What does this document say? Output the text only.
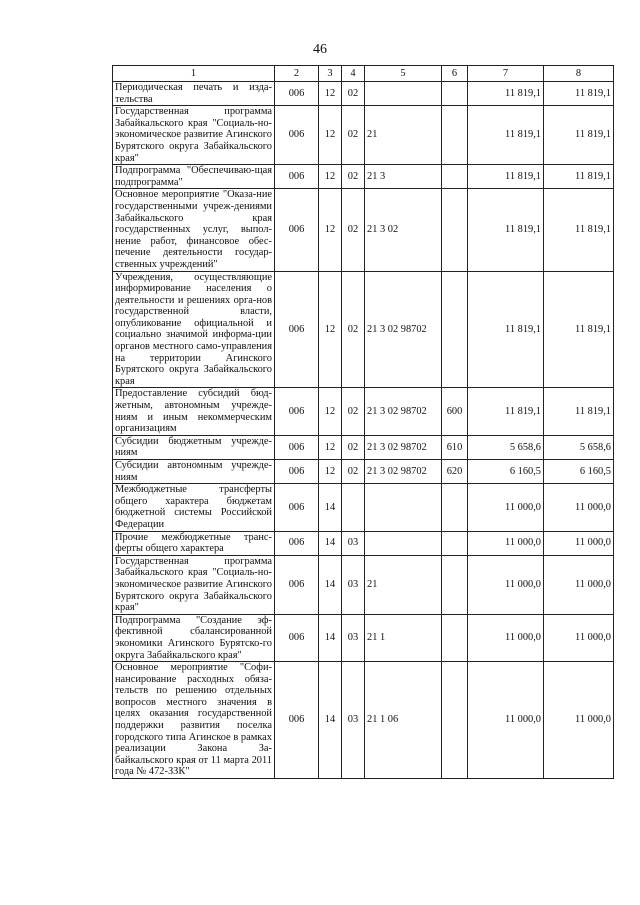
46
1	2	3	4	5	6	7	8
Периодическая печать и изда-тельства	006	12	02			11 819,1	11 819,1
Государственная программа Забайкальского края "Социаль-но-экономическое развитие Агинского Бурятского округа Забайкальского края"	006	12	02	21		11 819,1	11 819,1
Подпрограмма "Обеспечиваю-щая подпрограмма"	006	12	02	21 3		11 819,1	11 819,1
Основное мероприятие "Оказа-ние государственными учреж-дениями Забайкальского края государственных услуг, выпол-нение работ, финансовое обес-печение деятельности государ-ственных учреждений"	006	12	02	21 3 02		11 819,1	11 819,1
Учреждения, осуществляющие информирование населения о деятельности и решениях орга-нов государственной власти, опубликование официальной и социально значимой информа-ции органов местного само-управления на территории Агинского Бурятского округа Забайкальского края	006	12	02	21 3 02 98702		11 819,1	11 819,1
Предоставление субсидий бюд-жетным, автономным учрежде-ниям и иным некоммерческим организациям	006	12	02	21 3 02 98702	600	11 819,1	11 819,1
Субсидии бюджетным учрежде-ниям	006	12	02	21 3 02 98702	610	5 658,6	5 658,6
Субсидии автономным учрежде-ниям	006	12	02	21 3 02 98702	620	6 160,5	6 160,5
Межбюджетные трансферты общего характера бюджетам бюджетной системы Российской Федерации	006	14				11 000,0	11 000,0
Прочие межбюджетные транс-ферты общего характера	006	14	03			11 000,0	11 000,0
Государственная программа Забайкальского края "Социаль-но-экономическое развитие Агинского Бурятского округа Забайкальского края"	006	14	03	21		11 000,0	11 000,0
Подпрограмма "Создание эф-фективной сбалансированной экономики Агинского Бурятско-го округа Забайкальского края"	006	14	03	21 1		11 000,0	11 000,0
Основное мероприятие "Софи-нансирование расходных обяза-тельств по решению отдельных вопросов местного значения в целях оказания государственной поддержки развития поселка городского типа Агинское в рамках реализации Закона За-байкальского края от 11 марта 2011 года № 472-ЗЗК"	006	14	03	21 1 06		11 000,0	11 000,0
